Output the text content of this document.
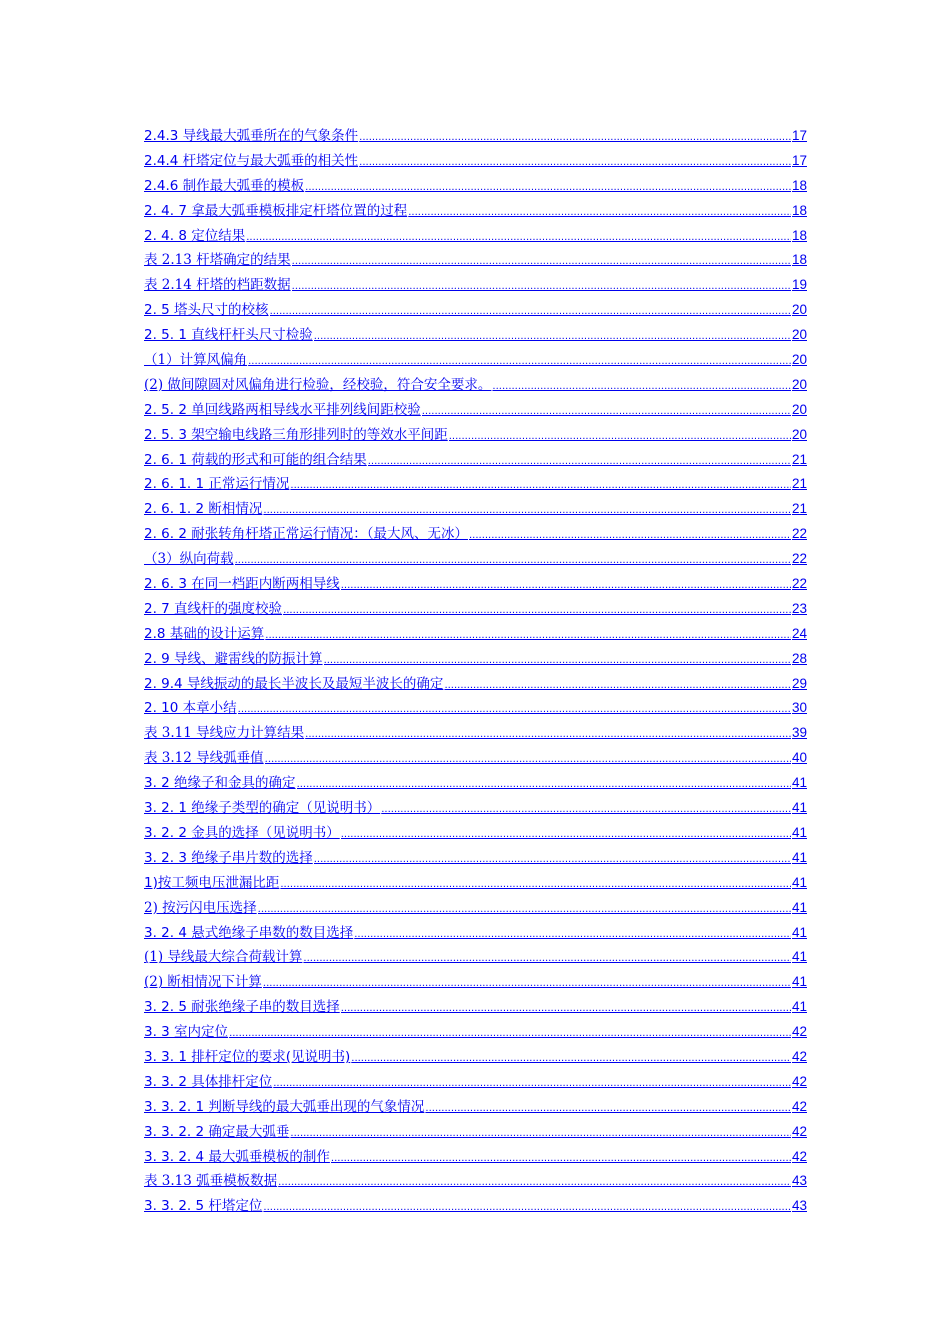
2.4.3 导线最大弧垂所在的气象条件 .....	17
2.4.4 杆塔定位与最大弧垂的相关性 .....	17
2.4.6 制作最大弧垂的模板 .....	18
2. 4. 7 拿最大弧垂模板排定杆塔位置的过程 .....	18
2. 4. 8 定位结果 .....	18
表 2.13 杆塔确定的结果 .....	18
表 2.14 杆塔的档距数据 .....	19
2. 5 塔头尺寸的校核 .....	20
2. 5. 1 直线杆杆头尺寸检验 .....	20
（1）计算风偏角 .....	20
(2) 做间隙圆对风偏角进行检验，经校验，符合安全要求。 .....	20
2. 5. 2 单回线路两相导线水平排列线间距校验 .....	20
2. 5. 3 架空输电线路三角形排列时的等效水平间距 .....	20
2. 6. 1 荷载的形式和可能的组合结果 .....	21
2. 6. 1. 1 正常运行情况 .....	21
2. 6. 1. 2 断相情况 .....	21
2. 6. 2 耐张转角杆塔正常运行情况：（最大风、无冰） .....	22
（3）纵向荷载 .....	22
2. 6. 3 在同一档距内断两相导线 .....	22
2. 7 直线杆的强度校验 .....	23
2.8 基础的设计运算 .....	24
2. 9 导线、避雷线的防振计算 .....	28
2. 9.4 导线振动的最长半波长及最短半波长的确定 .....	29
2. 10 本章小结 .....	30
表 3.11 导线应力计算结果 .....	39
表 3.12 导线弧垂值 .....	40
3. 2 绝缘子和金具的确定 .....	41
3. 2. 1 绝缘子类型的确定（见说明书） .....	41
3. 2. 2 金具的选择（见说明书） .....	41
3. 2. 3 绝缘子串片数的选择 .....	41
1)按工频电压泄漏比距 .....	41
2) 按污闪电压选择 .....	41
3. 2. 4 悬式绝缘子串数的数目选择 .....	41
(1) 导线最大综合荷载计算 .....	41
(2) 断相情况下计算 .....	41
3. 2. 5 耐张绝缘子串的数目选择 .....	41
3. 3 室内定位 .....	42
3. 3. 1 排杆定位的要求(见说明书) .....	42
3. 3. 2 具体排杆定位 .....	42
3. 3. 2. 1 判断导线的最大弧垂出现的气象情况 .....	42
3. 3. 2. 2 确定最大弧垂 .....	42
3. 3. 2. 4 最大弧垂模板的制作 .....	42
表 3.13 弧垂模板数据 .....	43
3. 3. 2. 5 杆塔定位 .....	43
